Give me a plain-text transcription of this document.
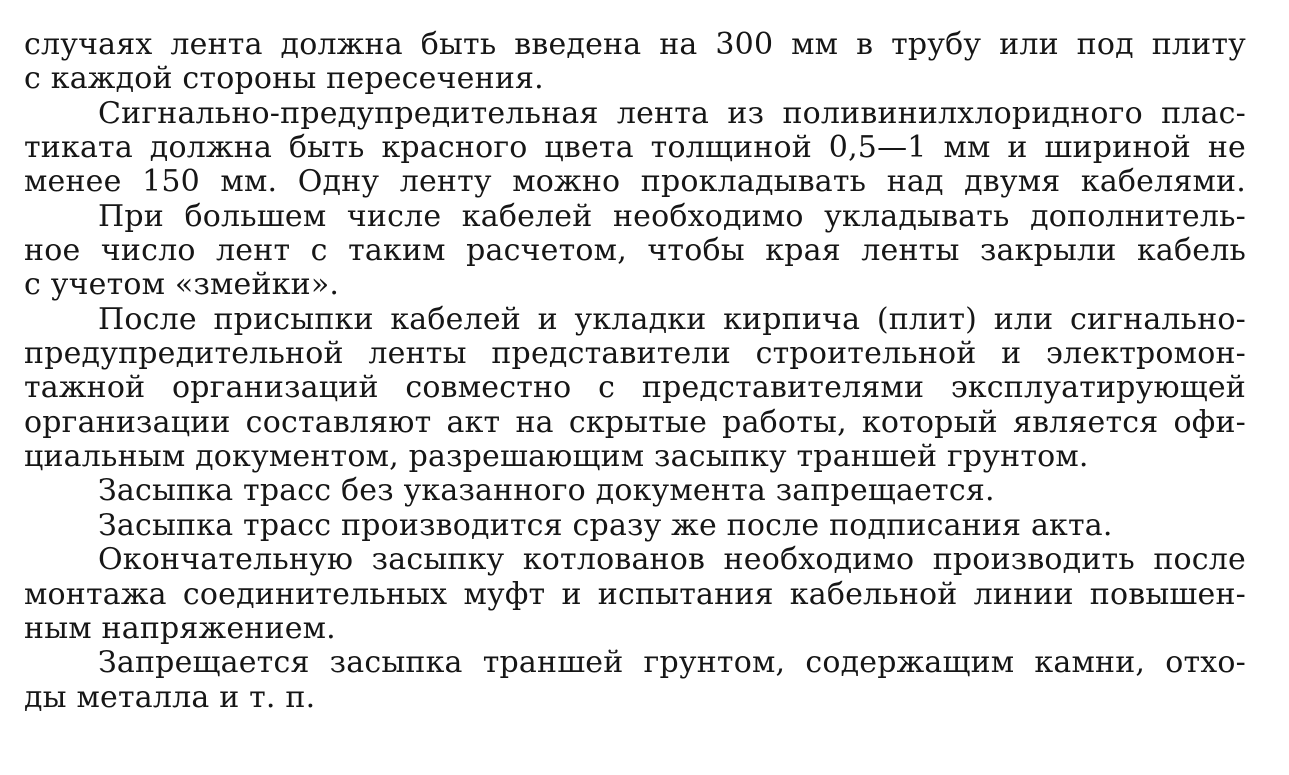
случаях лента должна быть введена на 300 мм в трубу или под плиту
с каждой стороны пересечения.
Сигнально-предупредительная лента из поливинилхлоридного плас-
тиката должна быть красного цвета толщиной 0,5—1 мм и шириной не
менее 150 мм. Одну ленту можно прокладывать над двумя кабелями.
При большем числе кабелей необходимо укладывать дополнитель-
ное число лент с таким расчетом, чтобы края ленты закрыли кабель
с учетом «змейки».
После присыпки кабелей и укладки кирпича (плит) или сигнально-
предупредительной ленты представители строительной и электромон-
тажной организаций совместно с представителями эксплуатирующей
организации составляют акт на скрытые работы, который является офи-
циальным документом, разрешающим засыпку траншей грунтом.
Засыпка трасс без указанного документа запрещается.
Засыпка трасс производится сразу же после подписания акта.
Окончательную засыпку котлованов необходимо производить после
монтажа соединительных муфт и испытания кабельной линии повышен-
ным напряжением.
Запрещается засыпка траншей грунтом, содержащим камни, отхо-
ды металла и т. п.
